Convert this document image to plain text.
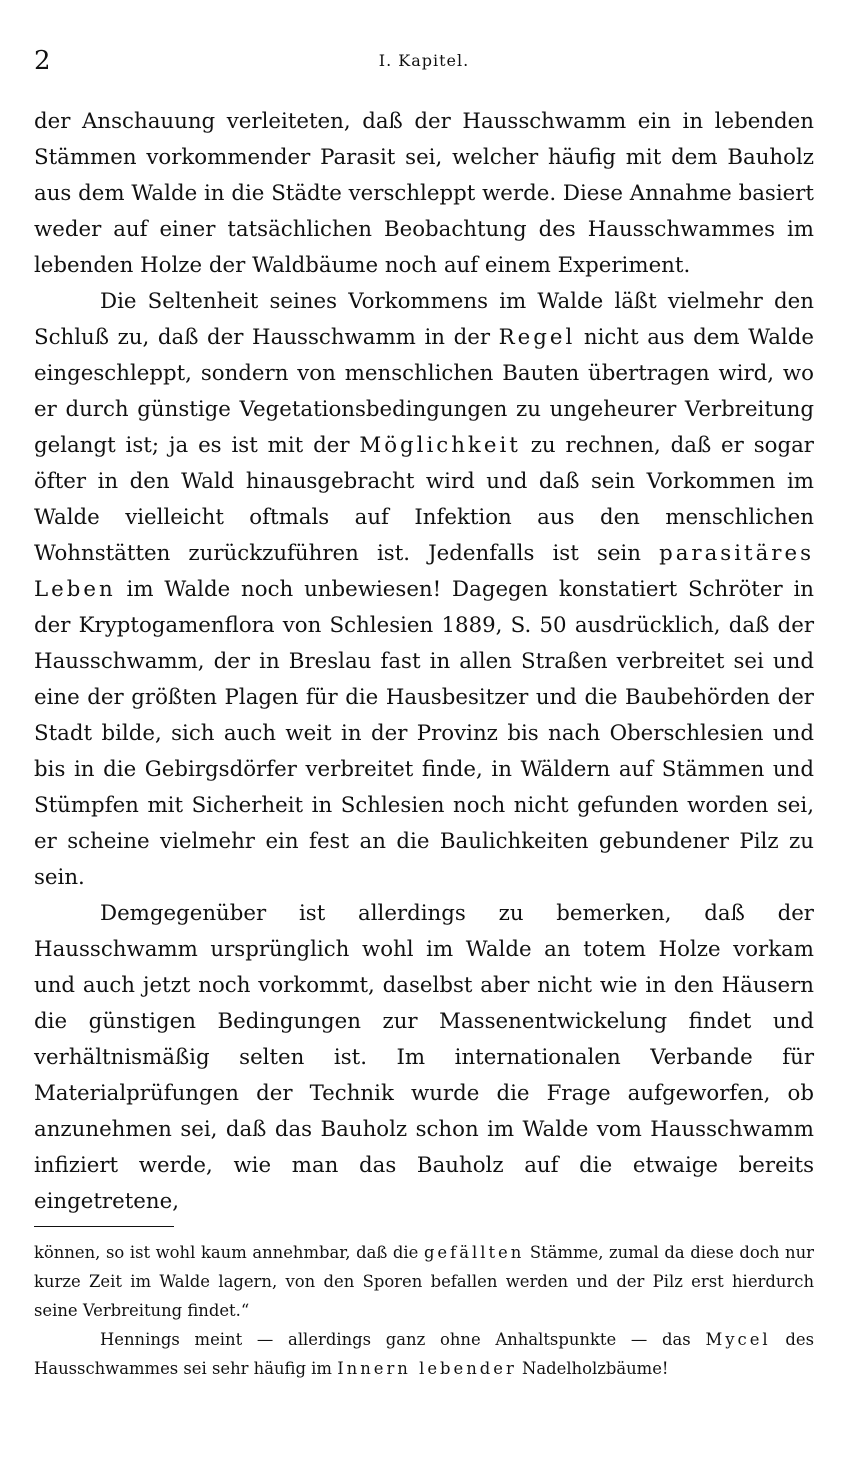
2	I. Kapitel.

der Anschauung verleiteten, daß der Hausschwamm ein in lebenden Stämmen vorkommender Parasit sei, welcher häufig mit dem Bauholz aus dem Walde in die Städte verschleppt werde. Diese Annahme basiert weder auf einer tatsächlichen Beobachtung des Hausschwammes im lebenden Holze der Waldbäume noch auf einem Experiment.

Die Seltenheit seines Vorkommens im Walde läßt vielmehr den Schluß zu, daß der Hausschwamm in der Regel nicht aus dem Walde eingeschleppt, sondern von menschlichen Bauten übertragen wird, wo er durch günstige Vegetationsbedingungen zu ungeheurer Verbreitung gelangt ist; ja es ist mit der Möglichkeit zu rechnen, daß er sogar öfter in den Wald hinausgebracht wird und daß sein Vorkommen im Walde vielleicht oftmals auf Infektion aus den menschlichen Wohnstätten zurückzuführen ist. Jedenfalls ist sein parasitäres Leben im Walde noch unbewiesen! Dagegen konstatiert Schröter in der Kryptogamenflora von Schlesien 1889, S. 50 ausdrücklich, daß der Hausschwamm, der in Breslau fast in allen Straßen verbreitet sei und eine der größten Plagen für die Hausbesitzer und die Baubehörden der Stadt bilde, sich auch weit in der Provinz bis nach Oberschlesien und bis in die Gebirgsdörfer verbreitet finde, in Wäldern auf Stämmen und Stümpfen mit Sicherheit in Schlesien noch nicht gefunden worden sei, er scheine vielmehr ein fest an die Baulichkeiten gebundener Pilz zu sein.

Demgegenüber ist allerdings zu bemerken, daß der Hausschwamm ursprünglich wohl im Walde an totem Holze vorkam und auch jetzt noch vorkommt, daselbst aber nicht wie in den Häusern die günstigen Bedingungen zur Massenentwickelung findet und verhältnismäßig selten ist. Im internationalen Verbande für Materialprüfungen der Technik wurde die Frage aufgeworfen, ob anzunehmen sei, daß das Bauholz schon im Walde vom Hausschwamm infiziert werde, wie man das Bauholz auf die etwaige bereits eingetretene,

können, so ist wohl kaum annehmbar, daß die gefällten Stämme, zumal da diese doch nur kurze Zeit im Walde lagern, von den Sporen befallen werden und der Pilz erst hierdurch seine Verbreitung findet.“

Hennings meint — allerdings ganz ohne Anhaltspunkte — das Mycel des Hausschwammes sei sehr häufig im Innern lebender Nadelholzbäume!
